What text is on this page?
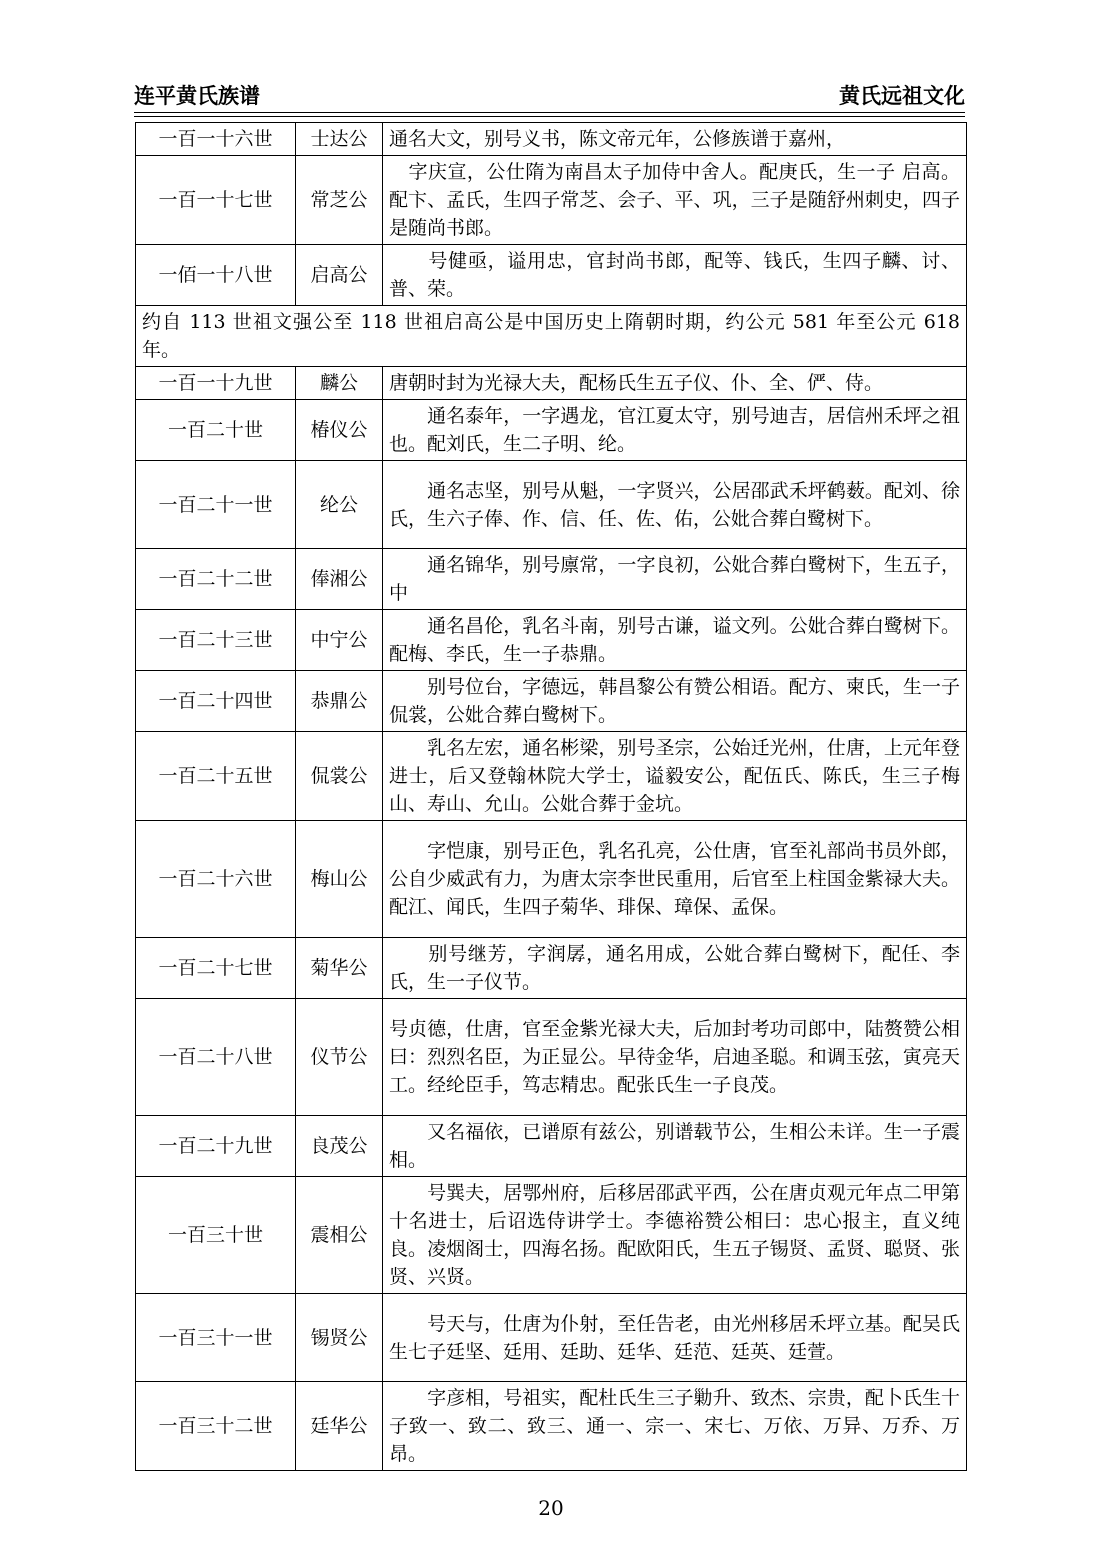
连平黄氏族谱	黄氏远祖文化
一百一十六世	士达公	通名大文，别号义书，陈文帝元年，公修族谱于嘉州，
一百一十七世	常芝公	　字庆宣，公仕隋为南昌太子加侍中舍人。配庚氏，生一子 启高。配卞、孟氏，生四子常芝、会子、平、巩，三子是随舒州刺史，四子是随尚书郎。
一佰一十八世	启高公	　　号健亟，谥用忠，官封尚书郎，配等、钱氏，生四子麟、讨、普、荣。
约自 113 世祖文强公至 118 世祖启高公是中国历史上隋朝时期，约公元 581 年至公元 618 年。		
一百一十九世	麟公	唐朝时封为光禄大夫，配杨氏生五子仪、仆、全、俨、侍。
一百二十世	椿仪公	　　通名泰年，一字遇龙，官江夏太守，别号迪吉，居信州禾坪之祖也。配刘氏，生二子明、纶。
一百二十一世	纶公	　　通名志坚，别号从魁，一字贤兴，公居邵武禾坪鹤薮。配刘、徐氏，生六子俸、作、信、任、佐、佑，公妣合葬白鹭树下。
一百二十二世	俸湘公	　　通名锦华，别号廪常，一字良初，公妣合葬白鹭树下，生五子，中
一百二十三世	中宁公	　　通名昌伦，乳名斗南，别号古谦，谥文列。公妣合葬白鹭树下。配梅、李氏，生一子恭鼎。
一百二十四世	恭鼎公	　　别号位台，字德远，韩昌黎公有赞公相语。配方、柬氏，生一子侃裳，公妣合葬白鹭树下。
一百二十五世	侃裳公	　　乳名左宏，通名彬梁，别号圣宗，公始迁光州，仕唐，上元年登进士，后又登翰林院大学士，谥毅安公，配伍氏、陈氏，生三子梅山、寿山、允山。公妣合葬于金坑。
一百二十六世	梅山公	　　字恺康，别号正色，乳名孔亮，公仕唐，官至礼部尚书员外郎，公自少威武有力，为唐太宗李世民重用，后官至上柱国金紫禄大夫。配江、闻氏，生四子菊华、琲保、璋保、孟保。
一百二十七世	菊华公	　　别号继芳，字润孱，通名用成，公妣合葬白鹭树下，配任、李氏，生一子仪节。
一百二十八世	仪节公	号贞德，仕唐，官至金紫光禄大夫，后加封考功司郎中，陆赘赞公相曰：烈烈名臣，为正显公。早待金华，启迪圣聪。和调玉弦，寅亮天工。经纶臣手，笃志精忠。配张氏生一子良茂。
一百二十九世	良茂公	　　又名福依，已谱原有兹公，别谱载节公，生相公未详。生一子震相。
一百三十世	震相公	　　号巽夫，居鄂州府，后移居邵武平西，公在唐贞观元年点二甲第十名进士，后诏选侍讲学士。李德裕赞公相曰：忠心报主，直义纯良。凌烟阁士，四海名扬。配欧阳氏，生五子锡贤、孟贤、聪贤、张贤、兴贤。
一百三十一世	锡贤公	　　号天与，仕唐为仆射，至任告老，由光州移居禾坪立基。配吴氏生七子廷坚、廷用、廷助、廷华、廷范、廷英、廷萱。
一百三十二世	廷华公	　　字彦相，号祖实，配杜氏生三子勦升、致杰、宗贵，配卜氏生十子致一、致二、致三、通一、宗一、宋七、万依、万异、万乔、万昂。
20
